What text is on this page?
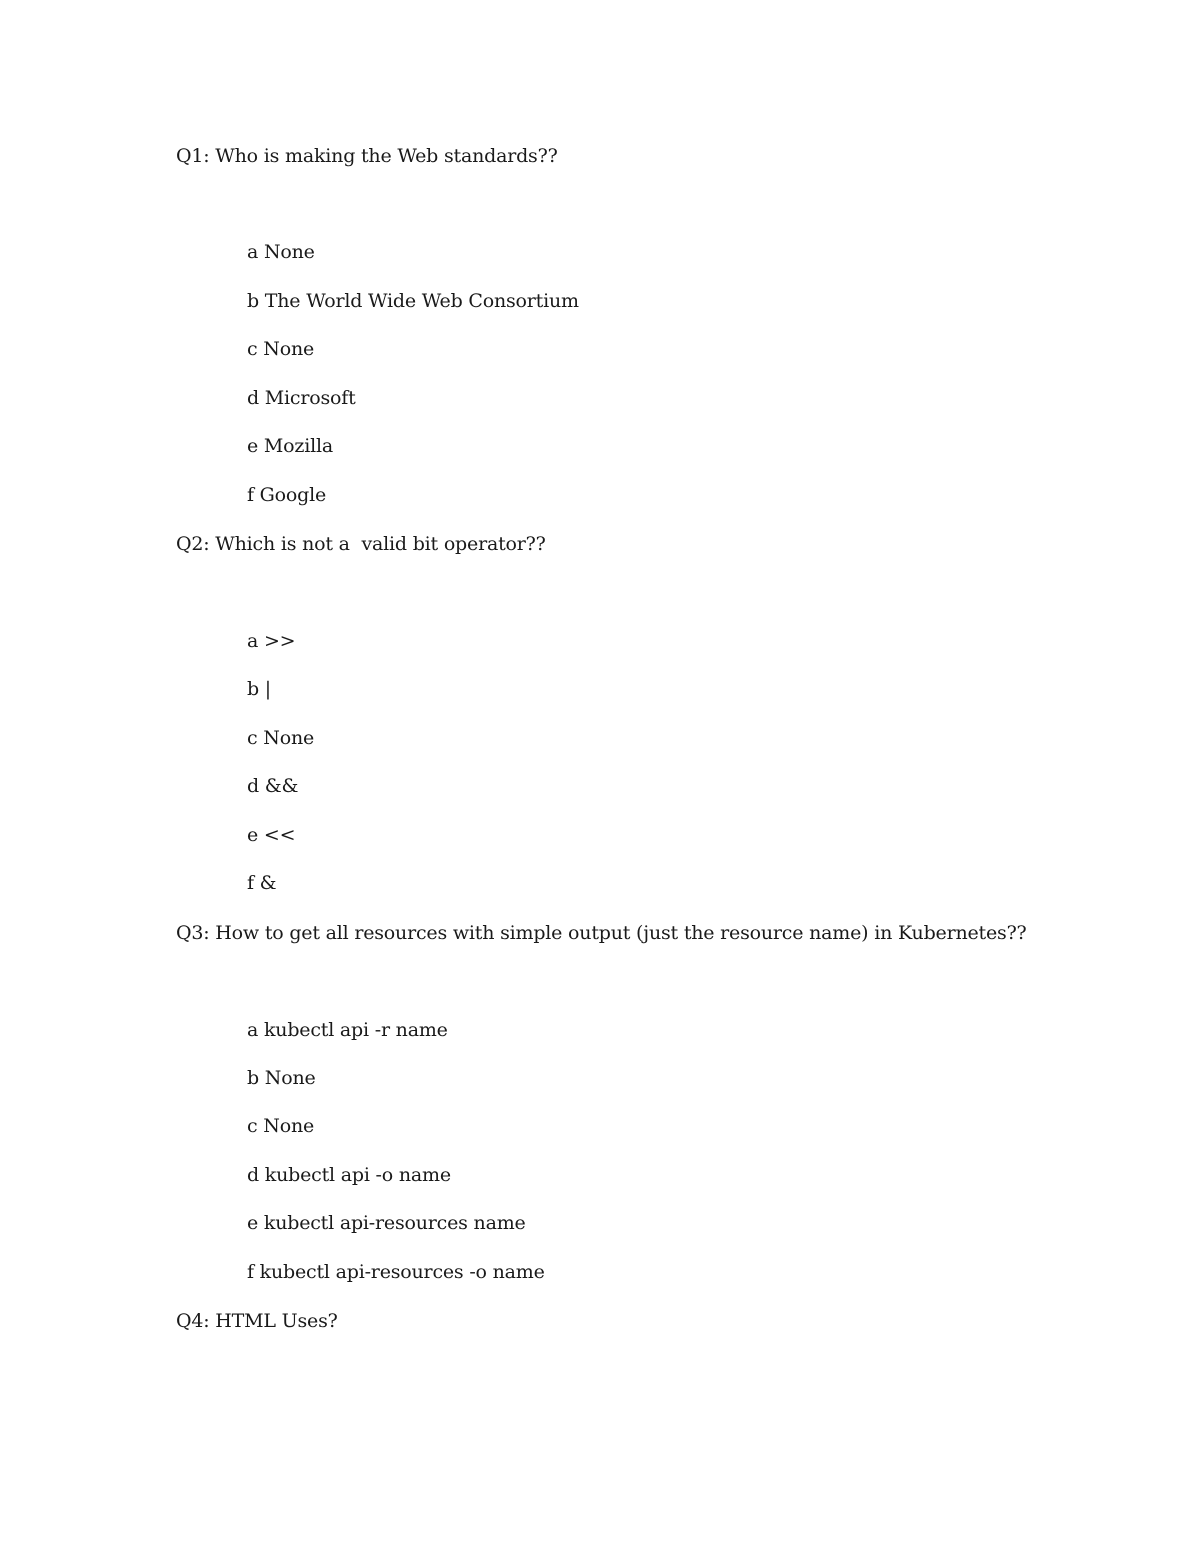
Q1: Who is making the Web standards??
a None
b The World Wide Web Consortium
c None
d Microsoft
e Mozilla
f Google
Q2: Which is not a  valid bit operator??
a >>
b |
c None
d &&
e <<
f &
Q3: How to get all resources with simple output (just the resource name) in Kubernetes??
a kubectl api -r name
b None
c None
d kubectl api -o name
e kubectl api-resources name
f kubectl api-resources -o name
Q4: HTML Uses?
